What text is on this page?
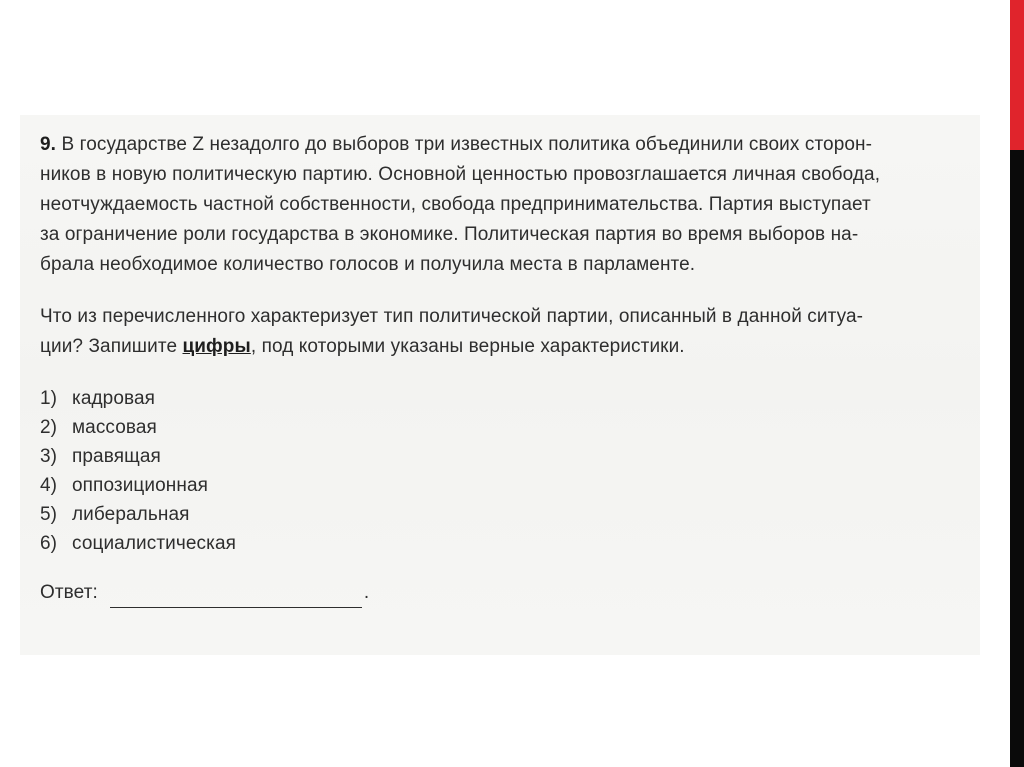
9. В государстве Z незадолго до выборов три известных политика объединили своих сторон-

ников в новую политическую партию. Основной ценностью провозглашается личная свобода,

неотчуждаемость частной собственности, свобода предпринимательства. Партия выступает

за ограничение роли государства в экономике. Политическая партия во время выборов на-

брала необходимое количество голосов и получила места в парламенте.

Что из перечисленного характеризует тип политической партии, описанный в данной ситуа-

ции? Запишите цифры, под которыми указаны верные характеристики.

1) кадровая
2) массовая
3) правящая
4) оппозиционная
5) либеральная
6) социалистическая
Ответ:	.
